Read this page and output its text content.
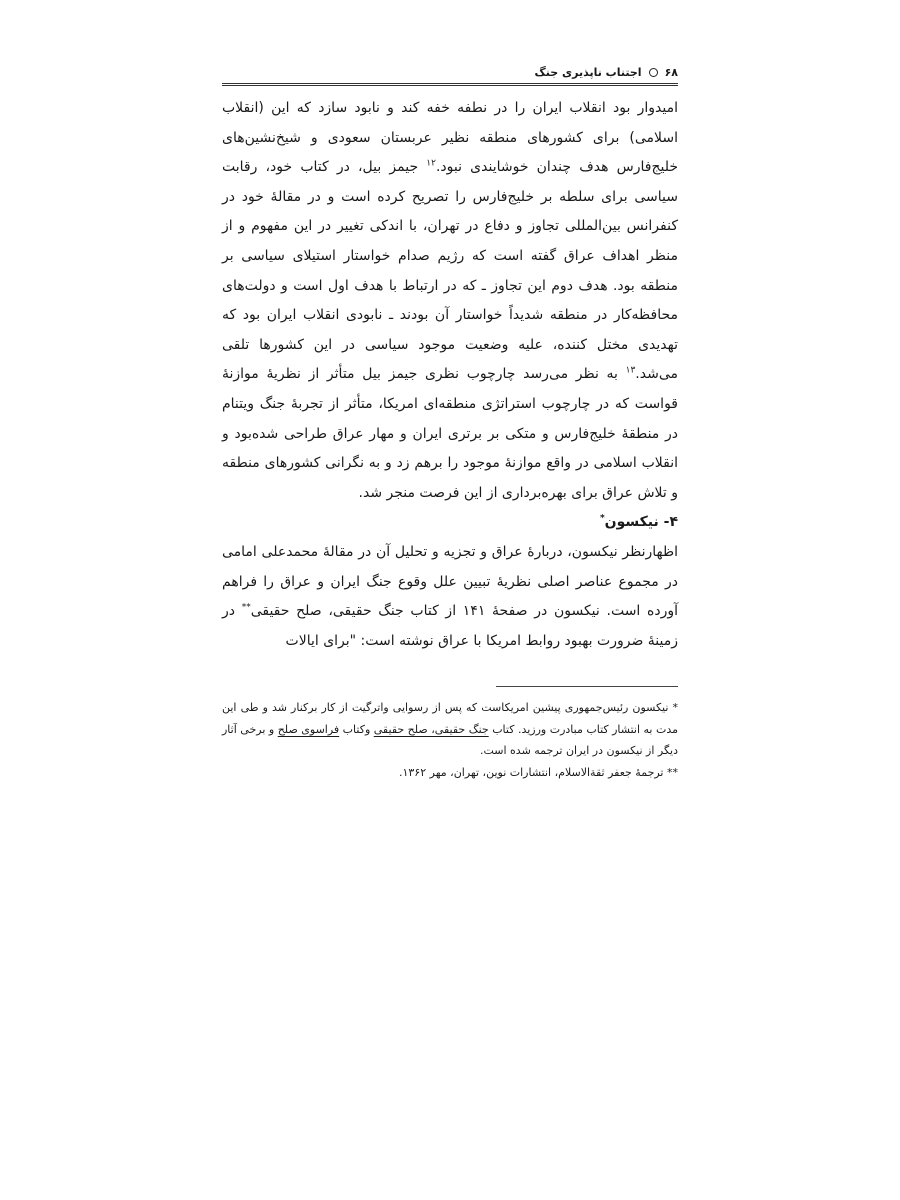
۶۸
اجتناب ناپذیری جنگ

امیدوار بود انقلاب ایران را در نطفه خفه کند و نابود سازد که این (انقلاب اسلامی) برای کشورهای منطقه نظیر عربستان سعودی و شیخ‌نشین‌های خلیج‌فارس هدف چندان خوشایندی نبود.$^{۱۲}$ جیمز بیل، در کتاب خود، رقابت سیاسی برای سلطه بر خلیج‌فارس را تصریح کرده است و در مقالهٔ خود در کنفرانس بین‌المللی تجاوز و دفاع در تهران، با اندکی تغییر در این مفهوم و از منظر اهداف عراق گفته است که رژیم صدام خواستار استیلای سیاسی بر منطقه بود. هدف دوم این تجاوز ـ که در ارتباط با هدف اول است و دولت‌های محافظه‌کار در منطقه شدیداً خواستار آن بودند ـ نابودی انقلاب ایران بود که تهدیدی مختل کننده، علیه وضعیت موجود سیاسی در این کشورها تلقی می‌شد.$^{۱۳}$ به نظر می‌رسد چارچوب نظری جیمز بیل متأثر از نظریهٔ موازنهٔ قواست که در چارچوب استراتژی منطقه‌ای امریکا، متأثر از تجربهٔ جنگ ویتنام در منطقهٔ خلیج‌فارس و متکی بر برتری ایران و مهار عراق طراحی شده‌بود و انقلاب اسلامی در واقع موازنهٔ موجود را برهم زد و به نگرانی کشورهای منطقه و تلاش عراق برای بهره‌برداری از این فرصت منجر شد.

۴- نیکسون*

اظهارنظر نیکسون، دربارهٔ عراق و تجزیه و تحلیل آن در مقالهٔ محمدعلی امامی در مجموع عناصر اصلی نظریهٔ تبیین علل وقوع جنگ ایران و عراق را فراهم آورده است. نیکسون در صفحهٔ ۱۴۱ از کتاب جنگ حقیقی، صلح حقیقی** در زمینهٔ ضرورت بهبود روابط امریکا با عراق نوشته است: "برای ایالات

* نیکسون رئیس‌جمهوری پیشین امریکاست که پس از رسوایی واترگیت از کار برکنار شد و طی این مدت به انتشار کتاب مبادرت ورزید. کتاب جنگ حقیقی، صلح حقیقی وکتاب فراسوی صلح و برخی آثار دیگر از نیکسون در ایران ترجمه شده است.

** ترجمهٔ جعفر ثقةالاسلام، انتشارات نوین، تهران، مهر ۱۳۶۲.
